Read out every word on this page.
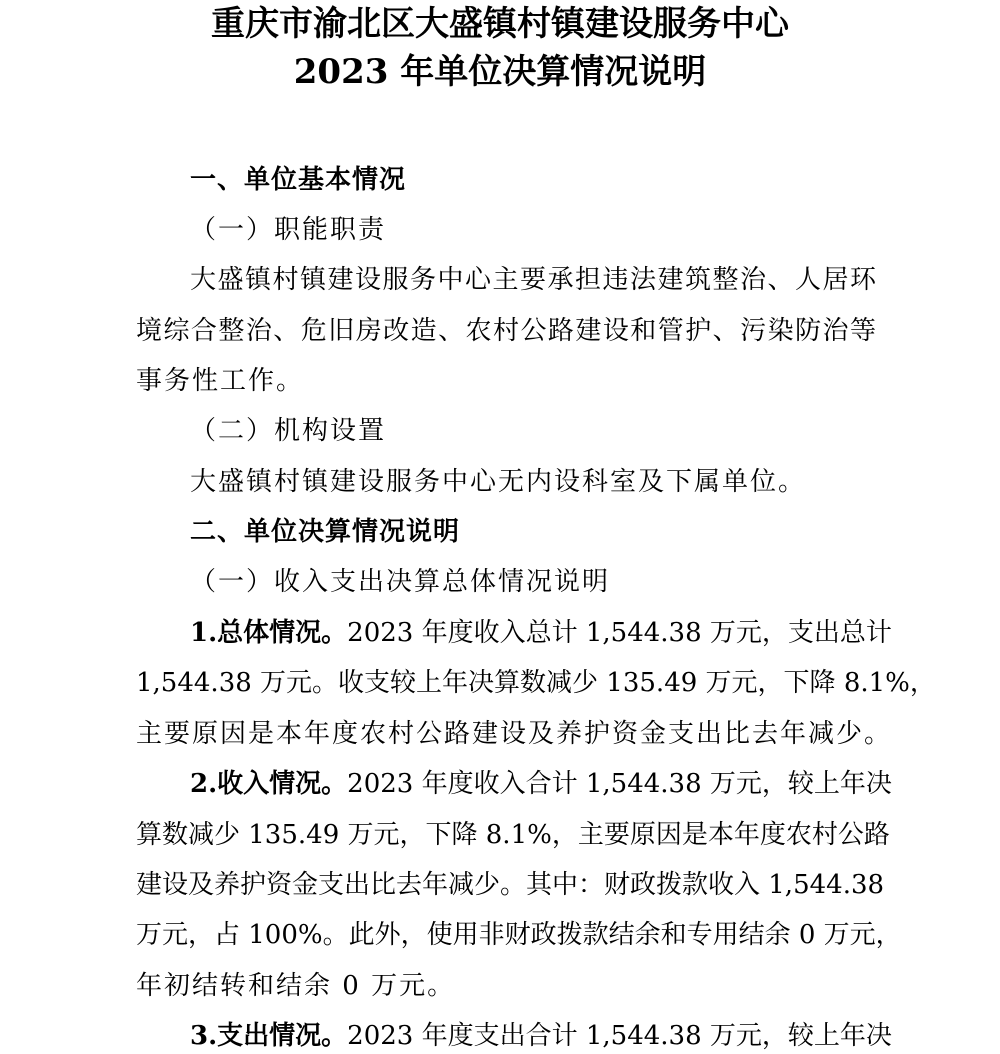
重庆市渝北区大盛镇村镇建设服务中心
2023 年单位决算情况说明
一、单位基本情况
（一）职能职责
大盛镇村镇建设服务中心主要承担违法建筑整治、人居环
境综合整治、危旧房改造、农村公路建设和管护、污染防治等
事务性工作。
（二）机构设置
大盛镇村镇建设服务中心无内设科室及下属单位。
二、单位决算情况说明
（一）收入支出决算总体情况说明
1.总体情况。2023 年度收入总计 1,544.38 万元，支出总计
1,544.38 万元。收支较上年决算数减少 135.49 万元，下降 8.1%，
主要原因是本年度农村公路建设及养护资金支出比去年减少。
2.收入情况。2023 年度收入合计 1,544.38 万元，较上年决
算数减少 135.49 万元，下降 8.1%，主要原因是本年度农村公路
建设及养护资金支出比去年减少。其中：财政拨款收入 1,544.38
万元，占 100%。此外，使用非财政拨款结余和专用结余 0 万元，
年初结转和结余 0 万元。
3.支出情况。2023 年度支出合计 1,544.38 万元，较上年决
